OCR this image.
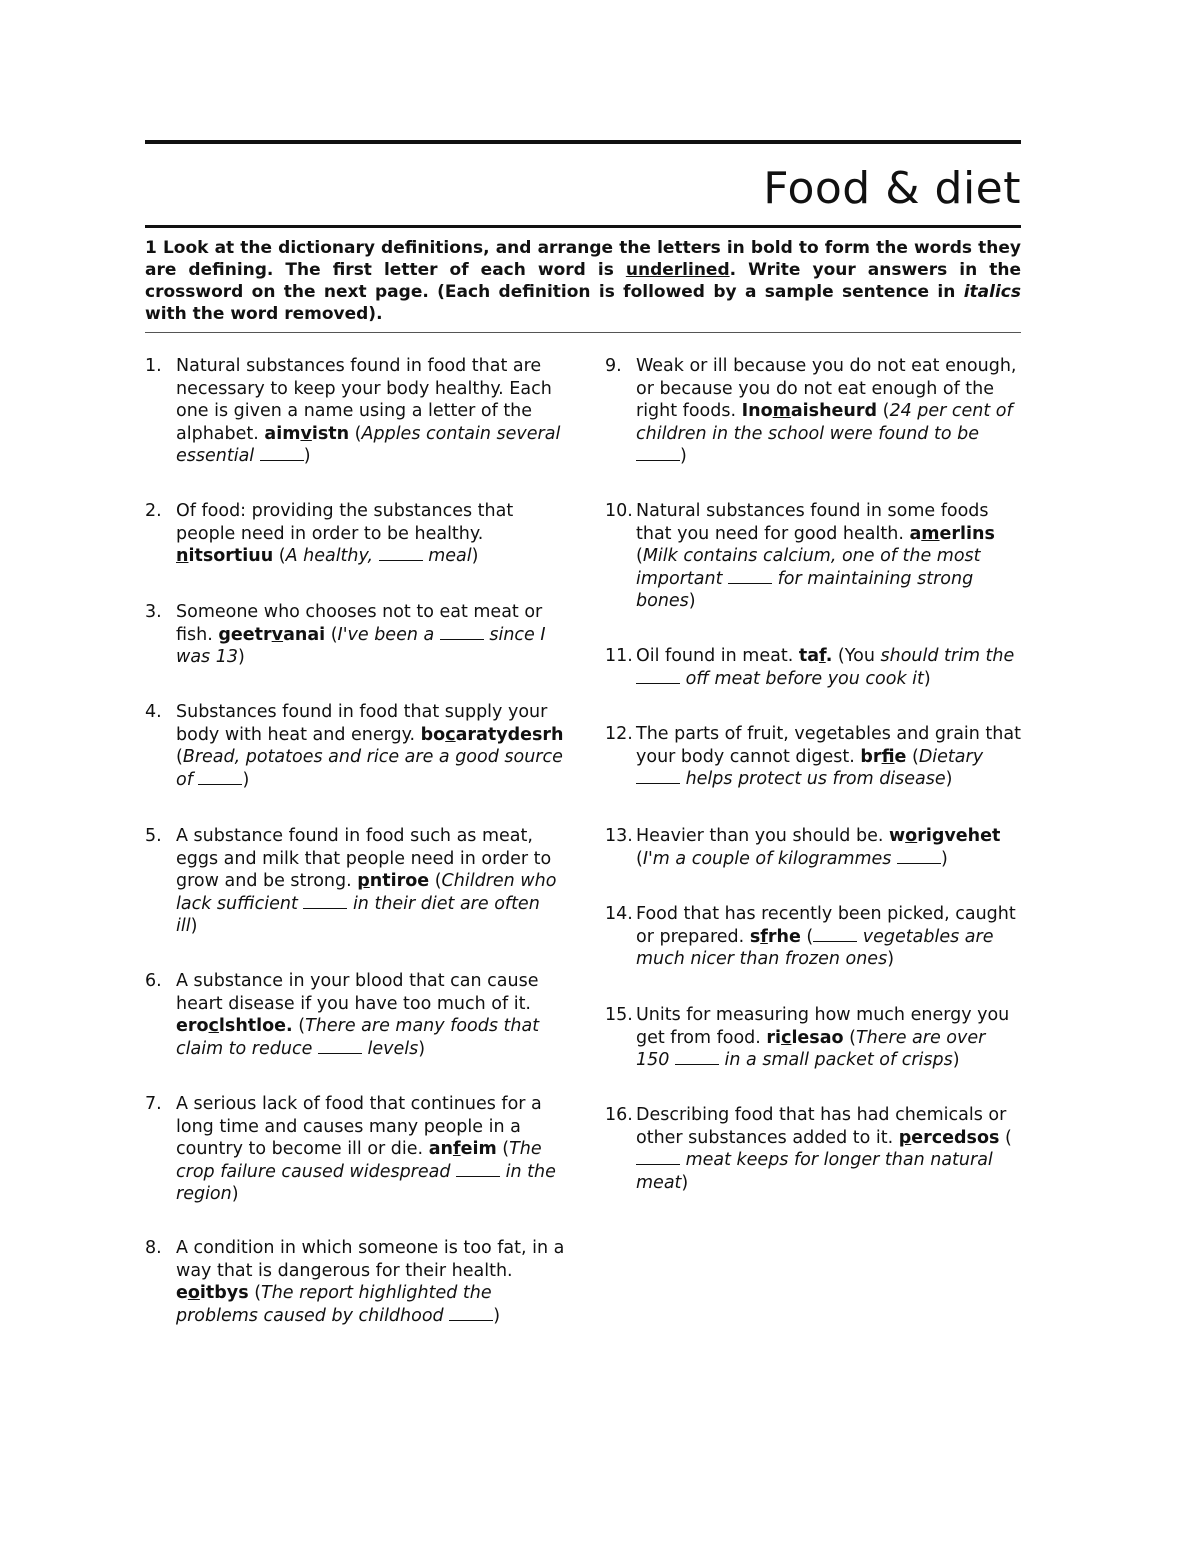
Food & diet
1 Look at the dictionary definitions, and arrange the letters in bold to form the words they are defining. The first letter of each word is underlined. Write your answers in the crossword on the next page. (Each definition is followed by a sample sentence in italics with the word removed).
1. Natural substances found in food that are necessary to keep your body healthy. Each one is given a name using a letter of the alphabet. aimvistn (Apples contain several essential	)
2. Of food: providing the substances that people need in order to be healthy. nitsortiuu (A healthy,	meal)
3. Someone who chooses not to eat meat or fish. geetrvanai (I've been a	since I was 13)
4. Substances found in food that supply your body with heat and energy. bocaratydesrh (Bread, potatoes and rice are a good source of	)
5. A substance found in food such as meat, eggs and milk that people need in order to grow and be strong. pntiroe (Children who lack sufficient	in their diet are often ill)
6. A substance in your blood that can cause heart disease if you have too much of it. eroclshtloe. (There are many foods that claim to reduce	levels)
7. A serious lack of food that continues for a long time and causes many people in a country to become ill or die. anfeim (The crop failure caused widespread	in the region)
8. A condition in which someone is too fat, in a way that is dangerous for their health. eoitbys (The report highlighted the problems caused by childhood	)
9. Weak or ill because you do not eat enough, or because you do not eat enough of the right foods. Inomaisheurd (24 per cent of children in the school were found to be )
10. Natural substances found in some foods that you need for good health. amerlins (Milk contains calcium, one of the most important	for maintaining strong bones)
11. Oil found in meat. taf. (You should trim the  off meat before you cook it)
12. The parts of fruit, vegetables and grain that your body cannot digest. brfie (Dietary  helps protect us from disease)
13. Heavier than you should be. worigvehet (I'm a couple of kilogrammes	)
14. Food that has recently been picked, caught or prepared. sfrhe (	vegetables are much nicer than frozen ones)
15. Units for measuring how much energy you get from food. riclesao (There are over 150	in a small packet of crisps)
16. Describing food that has had chemicals or other substances added to it. percedsos ( meat keeps for longer than natural meat)
